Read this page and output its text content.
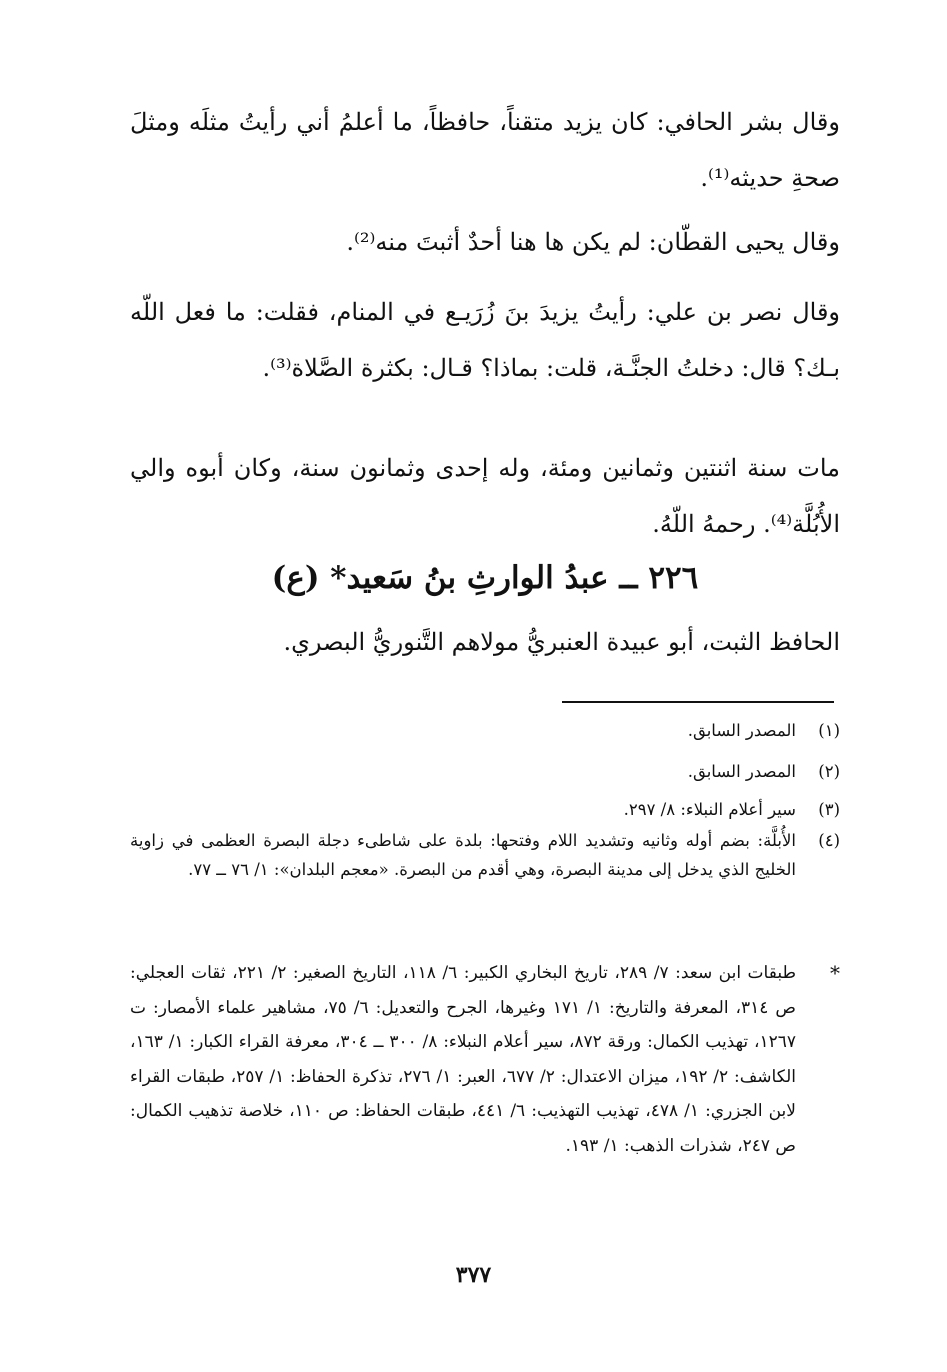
وقال بشر الحافي: كان يزيد متقناً، حافظاً، ما أعلمُ أني رأيتُ مثلَه ومثلَ صحةِ حديثه⁽¹⁾.

وقال يحيى القطّان: لم يكن ها هنا أحدٌ أثبتَ منه⁽²⁾.

وقال نصر بن علي: رأيتُ يزيدَ بنَ زُرَيـع في المنام، فقلت: ما فعل اللّه بـك؟ قال: دخلتُ الجنَّـة، قلت: بماذا؟ قـال: بكثرة الصَّلاة⁽³⁾.

مات سنة اثنتين وثمانين ومئة، وله إحدى وثمانون سنة، وكان أبوه والي الأُبُلَّة⁽⁴⁾. رحمهُ اللّهُ.

٢٢٦ ــ عبدُ الوارثِ بنُ سَعيد* (ع)
الحافظ الثبت، أبو عبيدة العنبريُّ مولاهم التَّنوريُّ البصري.
(١)
المصدر السابق.
(٢)
المصدر السابق.
(٣)
سير أعلام النبلاء: ٨/ ٢٩٧.
(٤)
الأُبلَّة: بضم أوله وثانيه وتشديد اللام وفتحها: بلدة على شاطىء دجلة البصرة العظمى في زاوية الخليج الذي يدخل إلى مدينة البصرة، وهي أقدم من البصرة. «معجم البلدان»: ١/ ٧٦ ــ ٧٧.
*
طبقات ابن سعد: ٧/ ٢٨٩، تاريخ البخاري الكبير: ٦/ ١١٨، التاريخ الصغير: ٢/ ٢٢١، ثقات العجلي: ص ٣١٤، المعرفة والتاريخ: ١/ ١٧١ وغيرها، الجرح والتعديل: ٦/ ٧٥، مشاهير علماء الأمصار: ت ١٢٦٧، تهذيب الكمال: ورقة ٨٧٢، سير أعلام النبلاء: ٨/ ٣٠٠ ــ ٣٠٤، معرفة القراء الكبار: ١/ ١٦٣، الكاشف: ٢/ ١٩٢، ميزان الاعتدال: ٢/ ٦٧٧، العبر: ١/ ٢٧٦، تذكرة الحفاظ: ١/ ٢٥٧، طبقات القراء لابن الجزري: ١/ ٤٧٨، تهذيب التهذيب: ٦/ ٤٤١، طبقات الحفاظ: ص ١١٠، خلاصة تذهيب الكمال: ص ٢٤٧، شذرات الذهب: ١/ ١٩٣.
٣٧٧
